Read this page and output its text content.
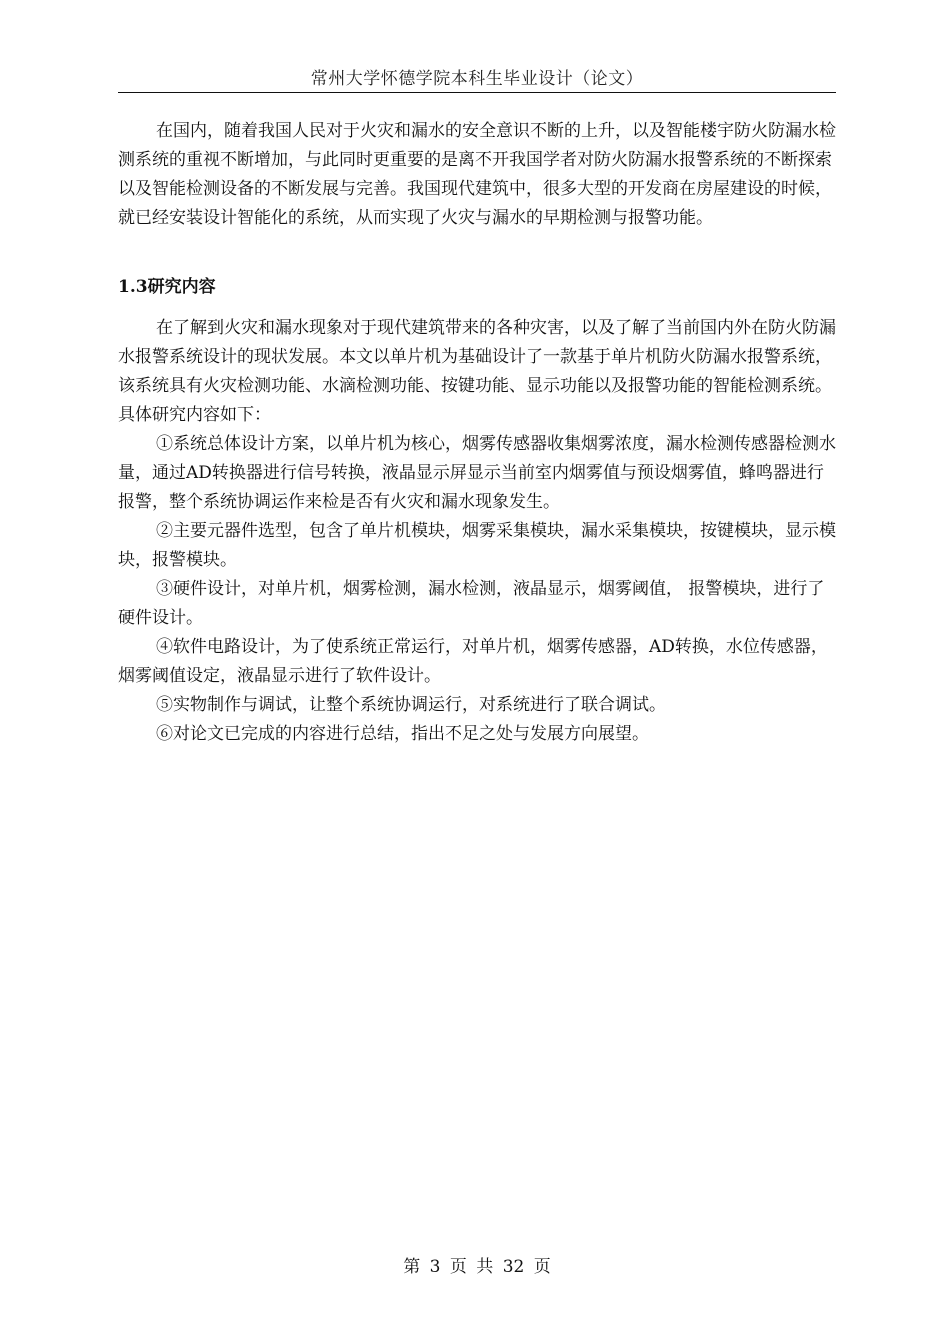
常州大学怀德学院本科生毕业设计（论文）

在国内，随着我国人民对于火灾和漏水的安全意识不断的上升，以及智能楼宇防火防漏水检测系统的重视不断增加，与此同时更重要的是离不开我国学者对防火防漏水报警系统的不断探索以及智能检测设备的不断发展与完善。我国现代建筑中，很多大型的开发商在房屋建设的时候，就已经安装设计智能化的系统，从而实现了火灾与漏水的早期检测与报警功能。

1.3研究内容

在了解到火灾和漏水现象对于现代建筑带来的各种灾害，以及了解了当前国内外在防火防漏水报警系统设计的现状发展。本文以单片机为基础设计了一款基于单片机防火防漏水报警系统，该系统具有火灾检测功能、水滴检测功能、按键功能、显示功能以及报警功能的智能检测系统。具体研究内容如下：

①系统总体设计方案，以单片机为核心，烟雾传感器收集烟雾浓度，漏水检测传感器检测水量，通过AD转换器进行信号转换，液晶显示屏显示当前室内烟雾值与预设烟雾值，蜂鸣器进行报警，整个系统协调运作来检是否有火灾和漏水现象发生。

②主要元器件选型，包含了单片机模块，烟雾采集模块，漏水采集模块，按键模块，显示模块，报警模块。

③硬件设计，对单片机，烟雾检测，漏水检测，液晶显示，烟雾阈值， 报警模块，进行了硬件设计。

④软件电路设计，为了使系统正常运行，对单片机，烟雾传感器，AD转换，水位传感器，烟雾阈值设定，液晶显示进行了软件设计。

⑤实物制作与调试，让整个系统协调运行，对系统进行了联合调试。

⑥对论文已完成的内容进行总结，指出不足之处与发展方向展望。

第 3 页 共 32 页
